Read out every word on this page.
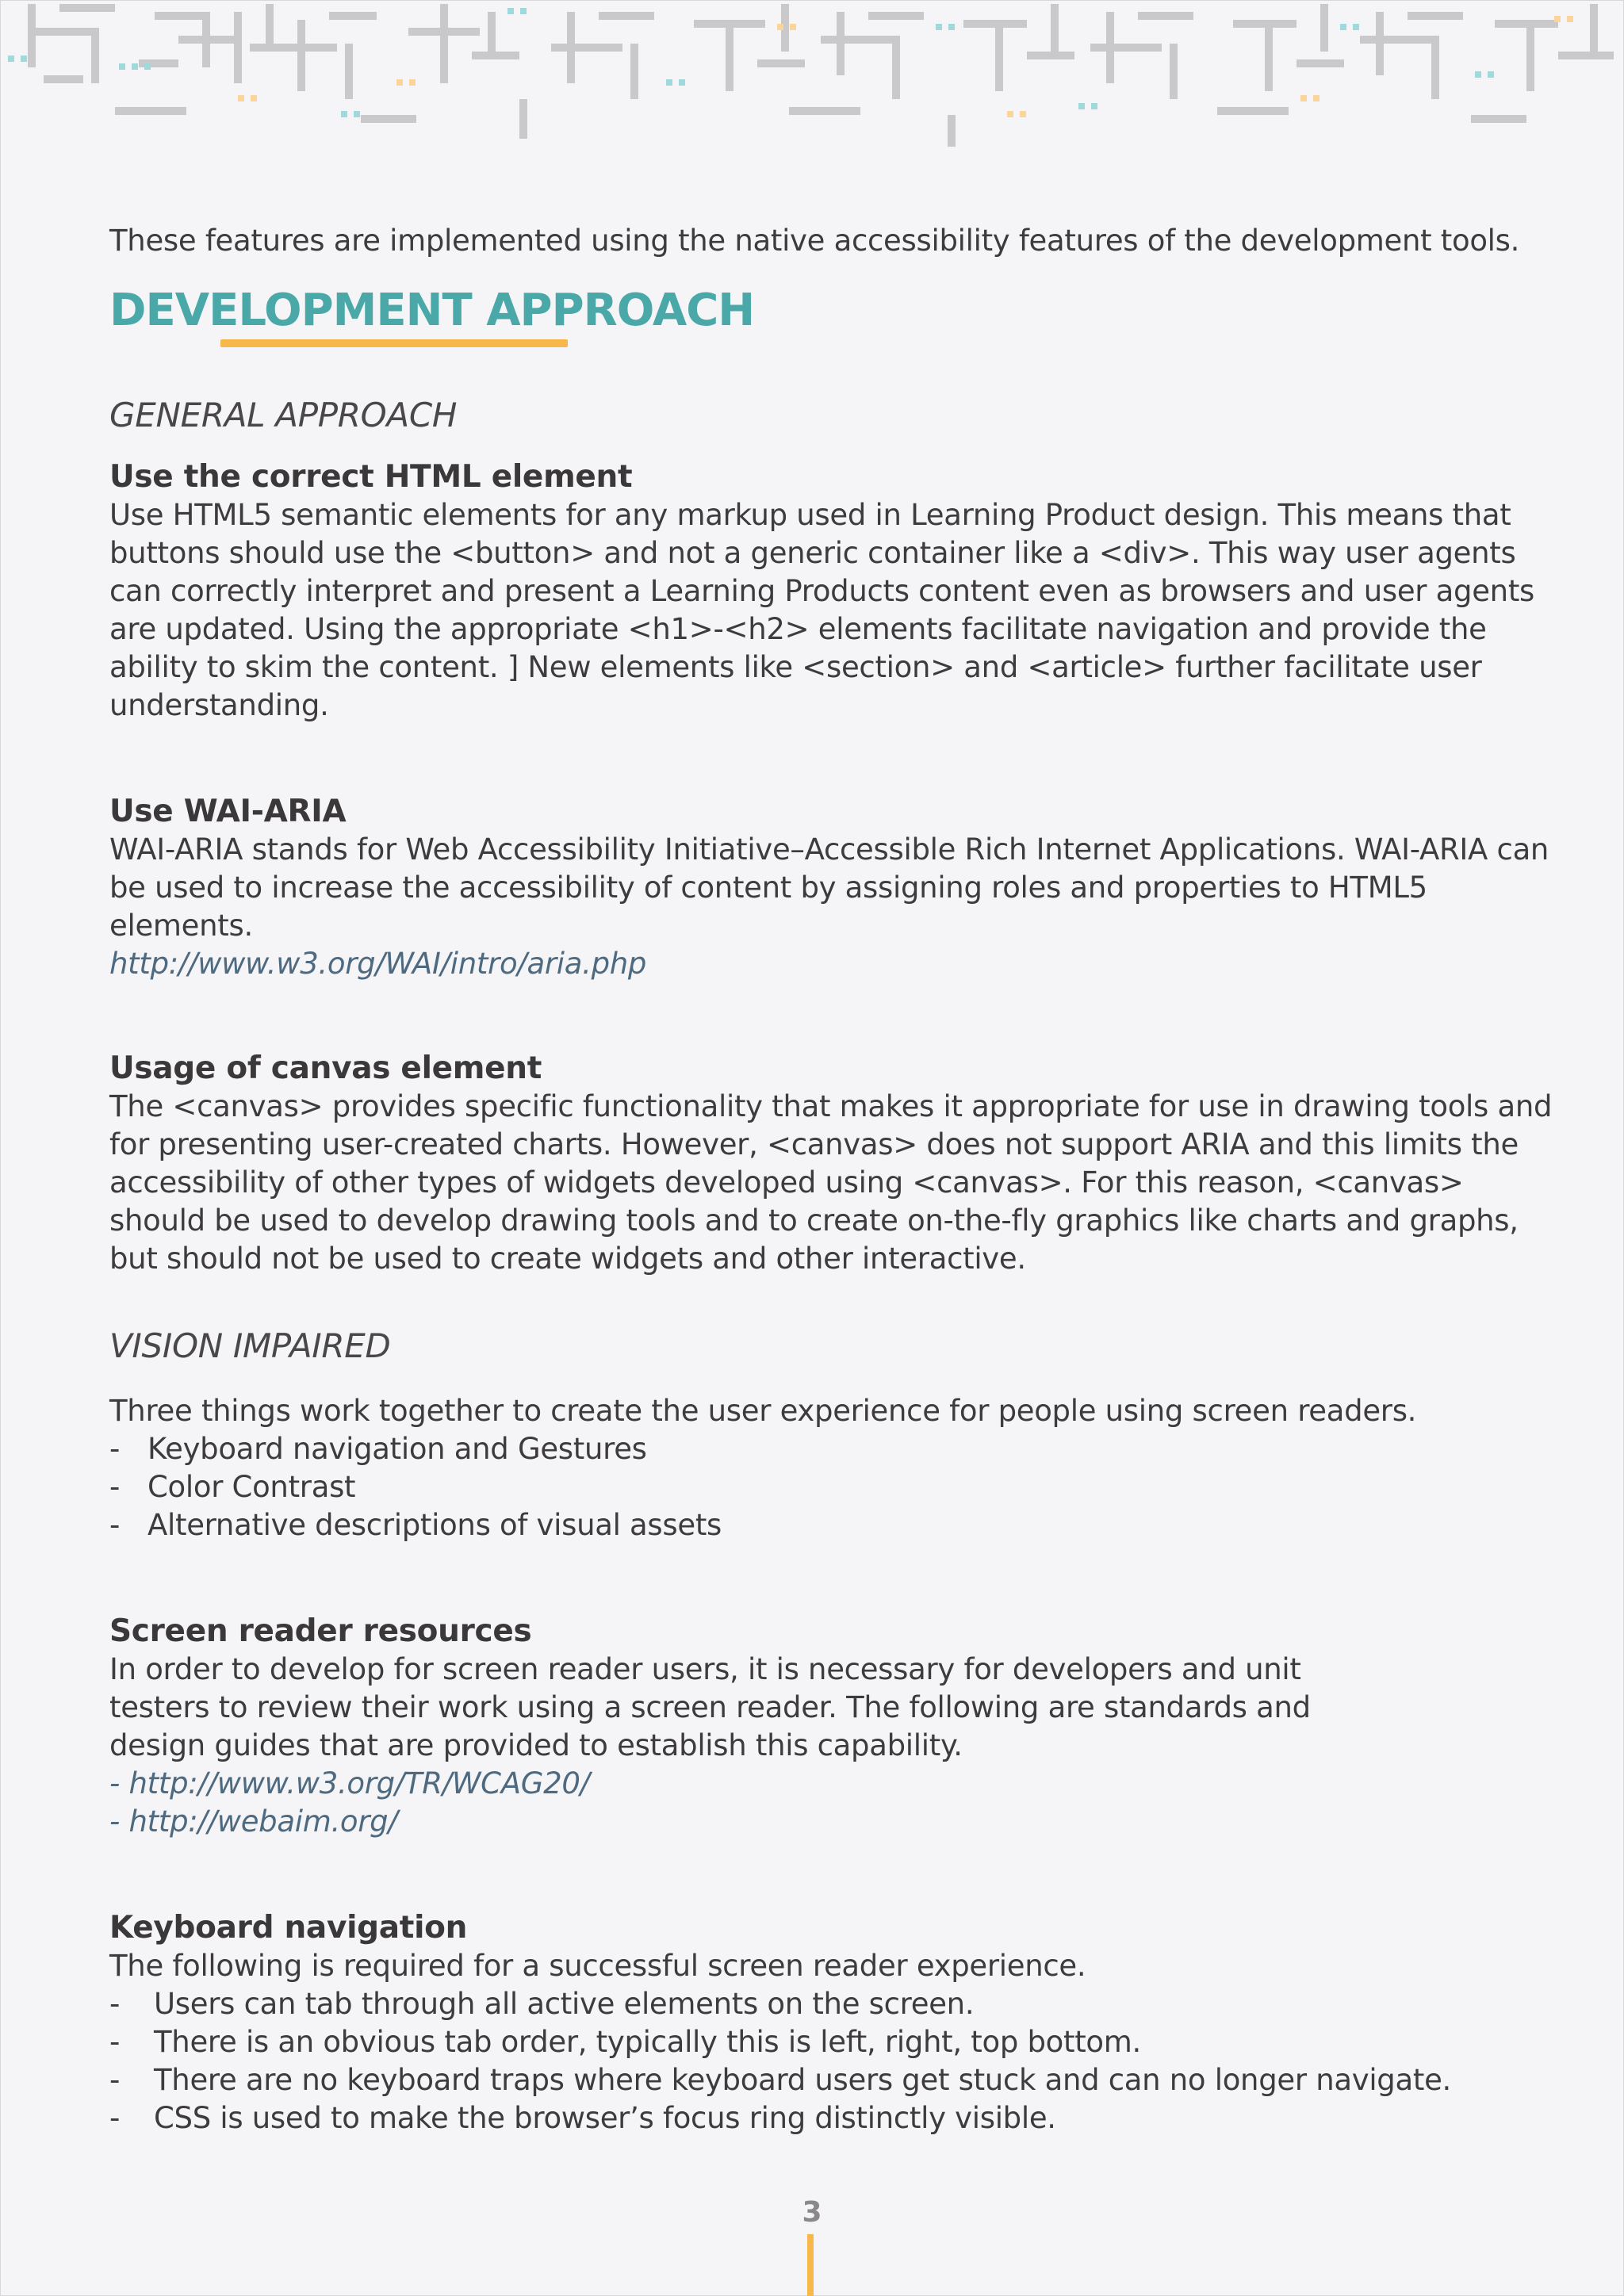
These features are implemented using the native accessibility features of the development tools.

DEVELOPMENT APPROACH
GENERAL APPROACH
Use the correct HTML element

Use HTML5 semantic elements for any markup used in Learning Product design. This means that buttons should use the <button> and not a generic container like a <div>. This way user agents can correctly interpret and present a Learning Products content even as browsers and user agents are updated. Using the appropriate <h1>-<h2> elements facilitate navigation and provide the ability to skim the content. ] New elements like <section> and <article> further facilitate user understanding.

Use WAI-ARIA

WAI-ARIA stands for Web Accessibility Initiative–Accessible Rich Internet Applications. WAI-ARIA can be used to increase the accessibility of content by assigning roles and properties to HTML5 elements.

http://www.w3.org/WAI/intro/aria.php
Usage of canvas element

The <canvas> provides specific functionality that makes it appropriate for use in drawing tools and for presenting user-created charts. However, <canvas> does not support ARIA and this limits the accessibility of other types of widgets developed using <canvas>. For this reason, <canvas> should be used to develop drawing tools and to create on-the-fly graphics like charts and graphs, but should not be used to create widgets and other interactive.

VISION IMPAIRED

Three things work together to create the user experience for people using screen readers.

- Keyboard navigation and Gestures
- Color Contrast
- Alternative descriptions of visual assets
Screen reader resources

In order to develop for screen reader users, it is necessary for developers and unit testers to review their work using a screen reader. The following are standards and design guides that are provided to establish this capability.

- http://www.w3.org/TR/WCAG20/
- http://webaim.org/
Keyboard navigation

The following is required for a successful screen reader experience.

-	Users can tab through all active elements on the screen.
-	There is an obvious tab order, typically this is left, right, top bottom.
-	There are no keyboard traps where keyboard users get stuck and can no longer navigate.
-	CSS is used to make the browser’s focus ring distinctly visible.
3
